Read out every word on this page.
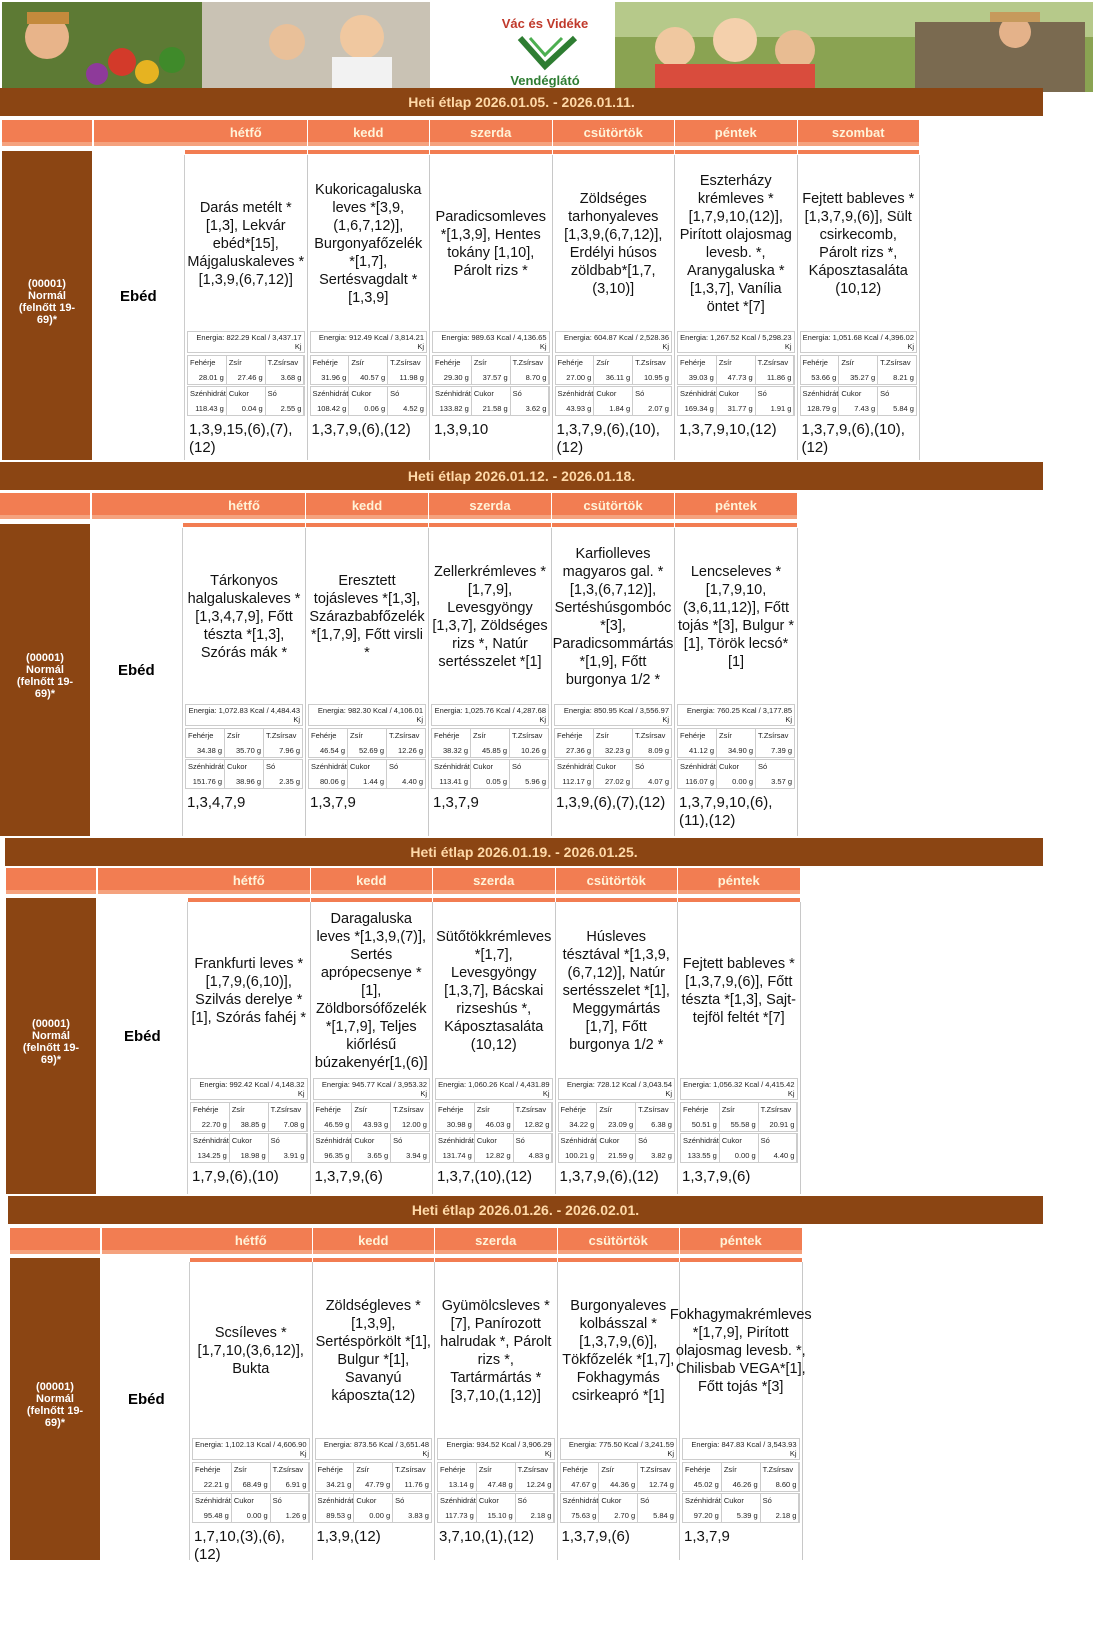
Vác és Vidéke
Vendéglátó
Heti étlap 2026.01.05. - 2026.01.11.
(00001) Normál (felnőtt 19-69)*
Ebéd
hétfő
Darás metélt * [1,3], Lekvár ebéd*[15], Májgaluskaleves *[1,3,9,(6,7,12)]
Energia: 822.29 Kcal / 3,437.17 Kj
Fehérje
28.01 g
Zsír
27.46 g
T.Zsírsav
3.68 g
Szénhidrát
118.43 g
Cukor
0.04 g
Só
2.55 g
1,3,9,15,(6),(7),(12)
kedd
Kukoricagaluska leves *[3,9,(1,6,7,12)], Burgonyafőzelék *[1,7], Sertésvagdalt *[1,3,9]
Energia: 912.49 Kcal / 3,814.21 Kj
Fehérje
31.96 g
Zsír
40.57 g
T.Zsírsav
11.98 g
Szénhidrát
108.42 g
Cukor
0.06 g
Só
4.52 g
1,3,7,9,(6),(12)
szerda
Paradicsomleves *[1,3,9], Hentes tokány [1,10], Párolt rizs *
Energia: 989.63 Kcal / 4,136.65 Kj
Fehérje
29.30 g
Zsír
37.57 g
T.Zsírsav
8.70 g
Szénhidrát
133.82 g
Cukor
21.58 g
Só
3.62 g
1,3,9,10
csütörtök
Zöldséges tarhonyaleves [1,3,9,(6,7,12)], Erdélyi húsos zöldbab*[1,7,(3,10)]
Energia: 604.87 Kcal / 2,528.36 Kj
Fehérje
27.00 g
Zsír
36.11 g
T.Zsírsav
10.95 g
Szénhidrát
43.93 g
Cukor
1.84 g
Só
2.07 g
1,3,7,9,(6),(10),(12)
péntek
Eszterházy krémleves *[1,7,9,10,(12)], Pirított olajosmag levesb. *, Aranygaluska *[1,3,7], Vanília öntet *[7]
Energia: 1,267.52 Kcal / 5,298.23 Kj
Fehérje
39.03 g
Zsír
47.73 g
T.Zsírsav
11.86 g
Szénhidrát
169.34 g
Cukor
31.77 g
Só
1.91 g
1,3,7,9,10,(12)
szombat
Fejtett bableves *[1,3,7,9,(6)], Sült csirkecomb, Párolt rizs *, Káposztasaláta (10,12)
Energia: 1,051.68 Kcal / 4,396.02 Kj
Fehérje
53.66 g
Zsír
35.27 g
T.Zsírsav
8.21 g
Szénhidrát
128.79 g
Cukor
7.43 g
Só
5.84 g
1,3,7,9,(6),(10),(12)
Heti étlap 2026.01.12. - 2026.01.18.
(00001) Normál (felnőtt 19-69)*
Ebéd
hétfő
Tárkonyos halgaluskaleves *[1,3,4,7,9], Főtt tészta *[1,3], Szórás mák *
Energia: 1,072.83 Kcal / 4,484.43 Kj
Fehérje
34.38 g
Zsír
35.70 g
T.Zsírsav
7.96 g
Szénhidrát
151.76 g
Cukor
38.96 g
Só
2.35 g
1,3,4,7,9
kedd
Eresztett tojásleves *[1,3], Szárazbabfőzelék *[1,7,9], Főtt virsli *
Energia: 982.30 Kcal / 4,106.01 Kj
Fehérje
46.54 g
Zsír
52.69 g
T.Zsírsav
12.26 g
Szénhidrát
80.06 g
Cukor
1.44 g
Só
4.40 g
1,3,7,9
szerda
Zellerkrémleves *[1,7,9], Levesgyöngy [1,3,7], Zöldséges rizs *, Natúr sertésszelet *[1]
Energia: 1,025.76 Kcal / 4,287.68 Kj
Fehérje
38.32 g
Zsír
45.85 g
T.Zsírsav
10.26 g
Szénhidrát
113.41 g
Cukor
0.05 g
Só
5.96 g
1,3,7,9
csütörtök
Karfiolleves magyaros gal. *[1,3,(6,7,12)], Sertéshúsgombóc *[3], Paradicsommártás *[1,9], Főtt burgonya 1/2 *
Energia: 850.95 Kcal / 3,556.97 Kj
Fehérje
27.36 g
Zsír
32.23 g
T.Zsírsav
8.09 g
Szénhidrát
112.17 g
Cukor
27.02 g
Só
4.07 g
1,3,9,(6),(7),(12)
péntek
Lencseleves *[1,7,9,10,(3,6,11,12)], Főtt tojás *[3], Bulgur *[1], Török lecsó*[1]
Energia: 760.25 Kcal / 3,177.85 Kj
Fehérje
41.12 g
Zsír
34.90 g
T.Zsírsav
7.39 g
Szénhidrát
116.07 g
Cukor
0.00 g
Só
3.57 g
1,3,7,9,10,(6),(11),(12)
Heti étlap 2026.01.19. - 2026.01.25.
(00001) Normál (felnőtt 19-69)*
Ebéd
hétfő
Frankfurti leves *[1,7,9,(6,10)], Szilvás derelye *[1], Szórás fahéj *
Energia: 992.42 Kcal / 4,148.32 Kj
Fehérje
22.70 g
Zsír
38.85 g
T.Zsírsav
7.08 g
Szénhidrát
134.25 g
Cukor
18.98 g
Só
3.91 g
1,7,9,(6),(10)
kedd
Daragaluska leves *[1,3,9,(7)], Sertés aprópecsenye *[1], Zöldborsófőzelék *[1,7,9], Teljes kiőrlésű búzakenyér[1,(6)]
Energia: 945.77 Kcal / 3,953.32 Kj
Fehérje
46.59 g
Zsír
43.93 g
T.Zsírsav
12.00 g
Szénhidrát
96.35 g
Cukor
3.65 g
Só
3.94 g
1,3,7,9,(6)
szerda
Sütőtökkrémleves *[1,7], Levesgyöngy [1,3,7], Bácskai rizseshús *, Káposztasaláta (10,12)
Energia: 1,060.26 Kcal / 4,431.89 Kj
Fehérje
30.98 g
Zsír
46.03 g
T.Zsírsav
12.82 g
Szénhidrát
131.74 g
Cukor
12.82 g
Só
4.83 g
1,3,7,(10),(12)
csütörtök
Húsleves tésztával *[1,3,9,(6,7,12)], Natúr sertésszelet *[1], Meggymártás [1,7], Főtt burgonya 1/2 *
Energia: 728.12 Kcal / 3,043.54 Kj
Fehérje
34.22 g
Zsír
23.09 g
T.Zsírsav
6.38 g
Szénhidrát
100.21 g
Cukor
21.59 g
Só
3.82 g
1,3,7,9,(6),(12)
péntek
Fejtett bableves *[1,3,7,9,(6)], Főtt tészta *[1,3], Sajt-tejföl feltét *[7]
Energia: 1,056.32 Kcal / 4,415.42 Kj
Fehérje
50.51 g
Zsír
55.58 g
T.Zsírsav
20.91 g
Szénhidrát
133.55 g
Cukor
0.00 g
Só
4.40 g
1,3,7,9,(6)
Heti étlap 2026.01.26. - 2026.02.01.
(00001) Normál (felnőtt 19-69)*
Ebéd
hétfő
Scsíleves *[1,7,10,(3,6,12)], Bukta
Energia: 1,102.13 Kcal / 4,606.90 Kj
Fehérje
22.21 g
Zsír
68.49 g
T.Zsírsav
6.91 g
Szénhidrát
95.48 g
Cukor
0.00 g
Só
1.26 g
1,7,10,(3),(6),(12)
kedd
Zöldségleves *[1,3,9], Sertéspörkölt *[1], Bulgur *[1], Savanyú káposzta(12)
Energia: 873.56 Kcal / 3,651.48 Kj
Fehérje
34.21 g
Zsír
47.79 g
T.Zsírsav
11.76 g
Szénhidrát
89.53 g
Cukor
0.00 g
Só
3.83 g
1,3,9,(12)
szerda
Gyümölcsleves *[7], Panírozott halrudak *, Párolt rizs *, Tartármártás *[3,7,10,(1,12)]
Energia: 934.52 Kcal / 3,906.29 Kj
Fehérje
13.14 g
Zsír
47.48 g
T.Zsírsav
12.24 g
Szénhidrát
117.73 g
Cukor
15.10 g
Só
2.18 g
3,7,10,(1),(12)
csütörtök
Burgonyaleves kolbásszal *[1,3,7,9,(6)], Tökfőzelék *[1,7], Fokhagymás csirkeapró *[1]
Energia: 775.50 Kcal / 3,241.59 Kj
Fehérje
47.67 g
Zsír
44.36 g
T.Zsírsav
12.74 g
Szénhidrát
75.63 g
Cukor
2.70 g
Só
5.84 g
1,3,7,9,(6)
péntek
Fokhagymakrémleves *[1,7,9], Pirított olajosmag levesb. *, Chilisbab VEGA*[1], Főtt tojás *[3]
Energia: 847.83 Kcal / 3,543.93 Kj
Fehérje
45.02 g
Zsír
46.26 g
T.Zsírsav
8.60 g
Szénhidrát
97.20 g
Cukor
5.39 g
Só
2.18 g
1,3,7,9
